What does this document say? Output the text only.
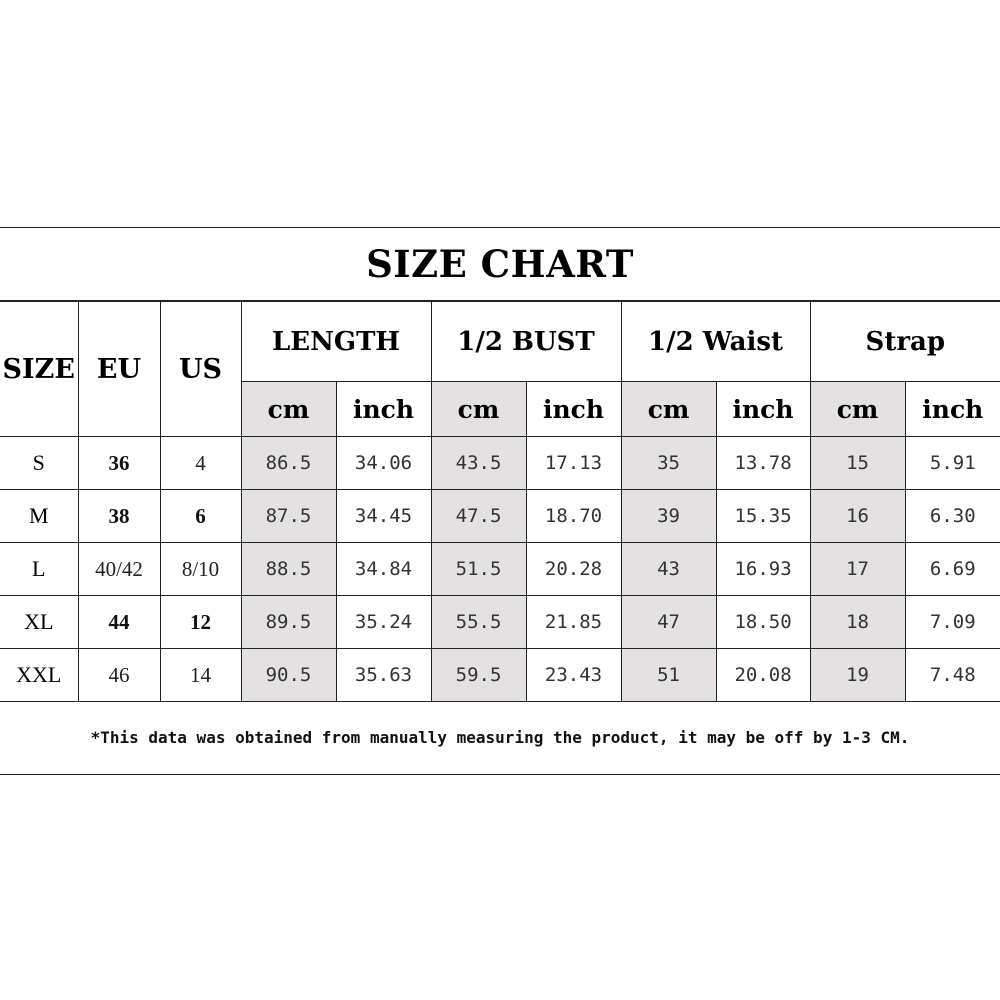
SIZE CHART
SIZE	EU	US	LENGTH		1/2 BUST		1/2 Waist		Strap	
			cm	inch	cm	inch	cm	inch	cm	inch
S	36	4	86.5	34.06	43.5	17.13	35	13.78	15	5.91
M	38	6	87.5	34.45	47.5	18.70	39	15.35	16	6.30
L	40/42	8/10	88.5	34.84	51.5	20.28	43	16.93	17	6.69
XL	44	12	89.5	35.24	55.5	21.85	47	18.50	18	7.09
XXL	46	14	90.5	35.63	59.5	23.43	51	20.08	19	7.48
*This data was obtained from manually measuring the product, it may be off by 1-3 CM.
